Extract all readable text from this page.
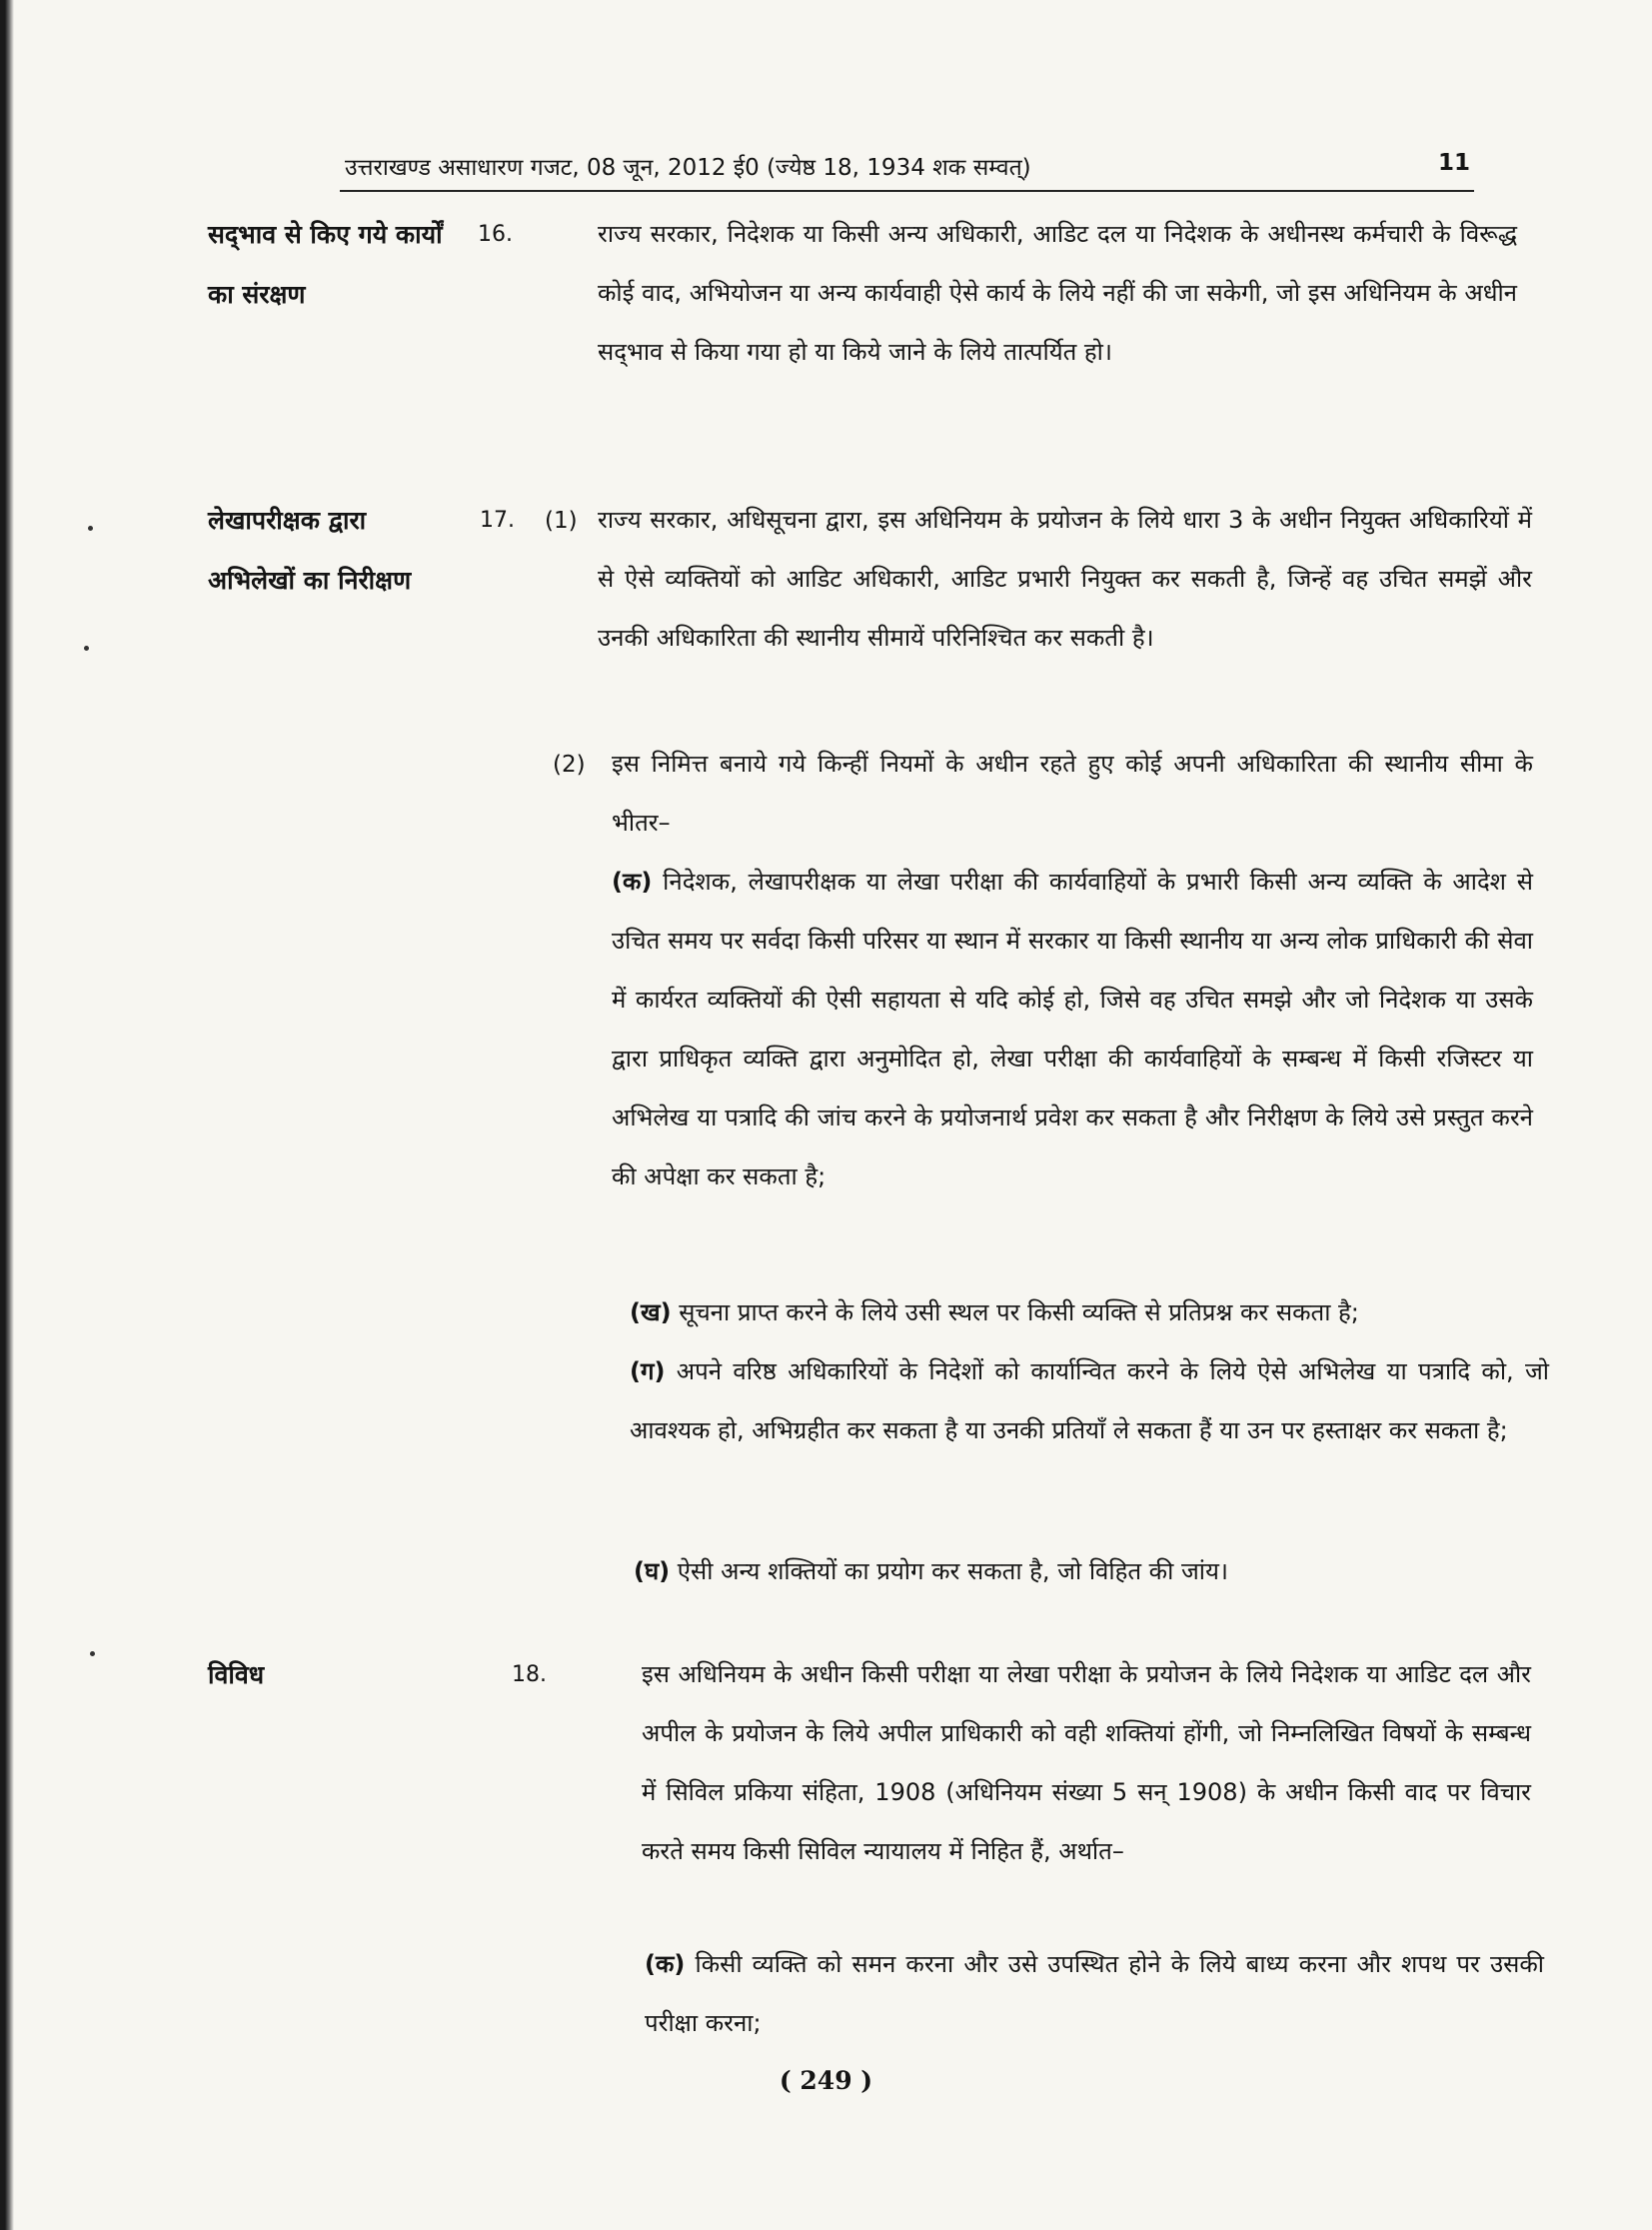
उत्तराखण्ड असाधारण गजट, 08 जून, 2012 ई0 (ज्येष्ठ 18, 1934 शक सम्वत्)	11
सद्‌भाव से किए गये कार्यों का संरक्षण
16.	राज्य सरकार, निदेशक या किसी अन्य अधिकारी, आडिट दल या निदेशक के अधीनस्थ कर्मचारी के विरूद्ध कोई वाद, अभियोजन या अन्य कार्यवाही ऐसे कार्य के लिये नहीं की जा सकेगी, जो इस अधिनियम के अधीन सद्‌भाव से किया गया हो या किये जाने के लिये तात्पर्यित हो।

लेखापरीक्षक द्वारा अभिलेखों का निरीक्षण
17. (1) राज्य सरकार, अधिसूचना द्वारा, इस अधिनियम के प्रयोजन के लिये धारा 3 के अधीन नियुक्त अधिकारियों में से ऐसे व्यक्तियों को आडिट अधिकारी, आडिट प्रभारी नियुक्त कर सकती है, जिन्हें वह उचित समझें और उनकी अधिकारिता की स्थानीय सीमायें परिनिश्चित कर सकती है।

(2) इस निमित्त बनाये गये किन्हीं नियमों के अधीन रहते हुए कोई अपनी अधिकारिता की स्थानीय सीमा के भीतर–

(क) निदेशक, लेखापरीक्षक या लेखा परीक्षा की कार्यवाहियों के प्रभारी किसी अन्य व्यक्ति के आदेश से उचित समय पर सर्वदा किसी परिसर या स्थान में सरकार या किसी स्थानीय या अन्य लोक प्राधिकारी की सेवा में कार्यरत व्यक्तियों की ऐसी सहायता से यदि कोई हो, जिसे वह उचित समझे और जो निदेशक या उसके द्वारा प्राधिकृत व्यक्ति द्वारा अनुमोदित हो, लेखा परीक्षा की कार्यवाहियों के सम्बन्ध में किसी रजिस्टर या अभिलेख या पत्रादि की जांच करने के प्रयोजनार्थ प्रवेश कर सकता है और निरीक्षण के लिये उसे प्रस्तुत करने की अपेक्षा कर सकता है;

(ख) सूचना प्राप्त करने के लिये उसी स्थल पर किसी व्यक्ति से प्रतिप्रश्न कर सकता है;

(ग) अपने वरिष्ठ अधिकारियों के निदेशों को कार्यान्वित करने के लिये ऐसे अभिलेख या पत्रादि को, जो आवश्यक हो, अभिग्रहीत कर सकता है या उनकी प्रतियाँ ले सकता हैं या उन पर हस्ताक्षर कर सकता है;

(घ) ऐसी अन्य शक्तियों का प्रयोग कर सकता है, जो विहित की जांय।

विविध	18.	इस अधिनियम के अधीन किसी परीक्षा या लेखा परीक्षा के प्रयोजन के लिये निदेशक या आडिट दल और अपील के प्रयोजन के लिये अपील प्राधिकारी को वही शक्तियां होंगी, जो निम्नलिखित विषयों के सम्बन्ध में सिविल प्रकिया संहिता, 1908 (अधिनियम संख्या 5 सन् 1908) के अधीन किसी वाद पर विचार करते समय किसी सिविल न्यायालय में निहित हैं, अर्थात–

(क) किसी व्यक्ति को समन करना और उसे उपस्थित होने के लिये बाध्य करना और शपथ पर उसकी परीक्षा करना;

( 249 )
